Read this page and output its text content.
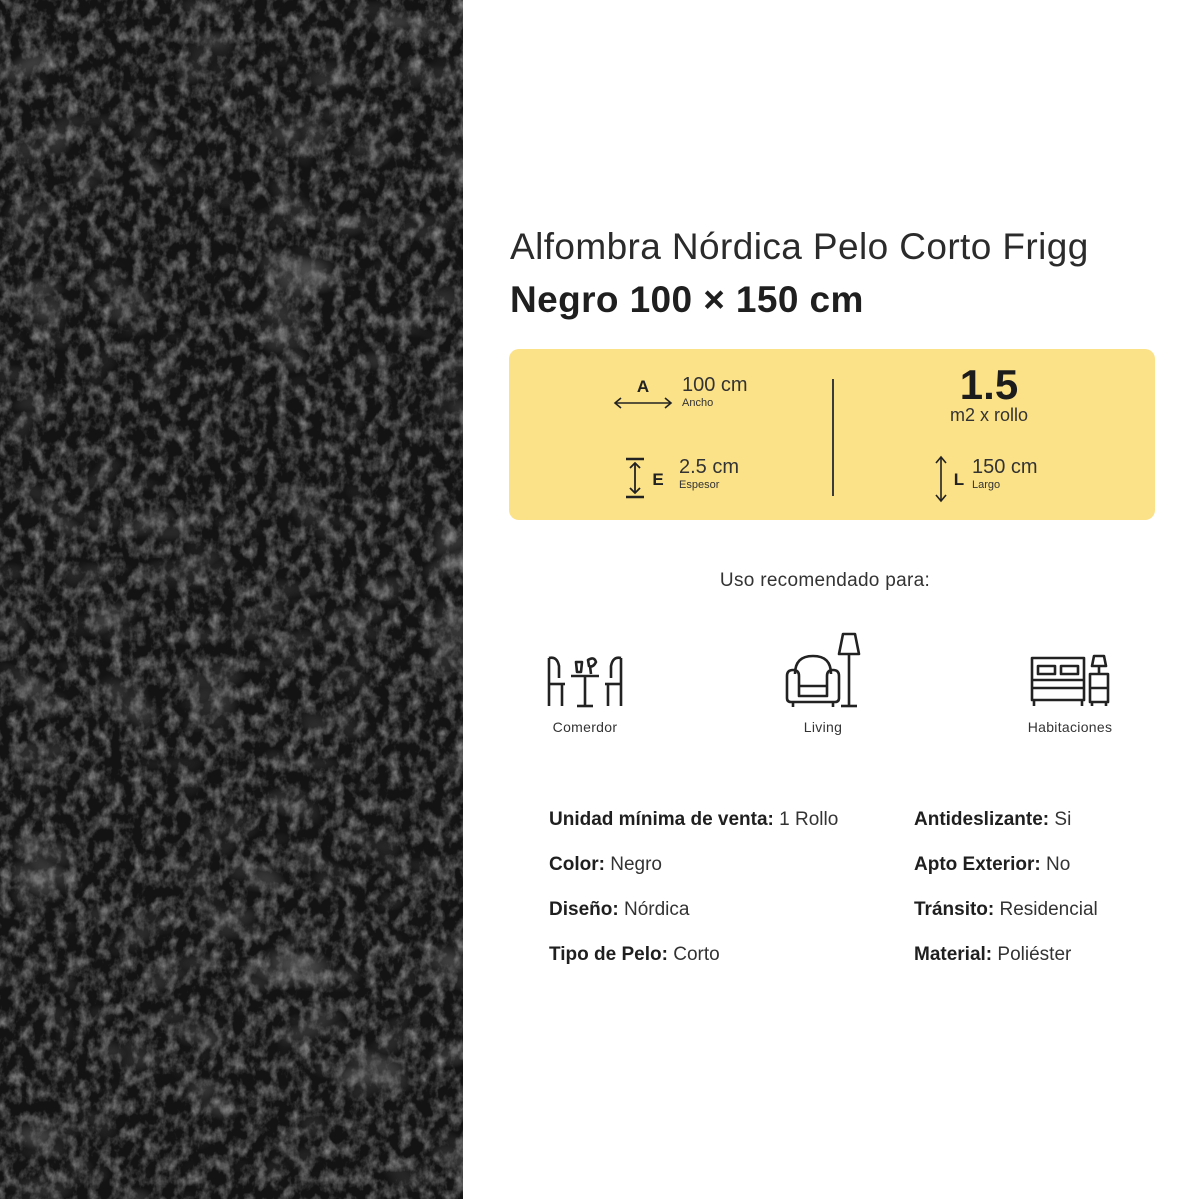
Alfombra Nórdica Pelo Corto Frigg
Negro 100 × 150 cm
A 100 cm
Ancho
E
2.5 cm
Espesor
1.5
m2 x rollo
L
150 cm
Largo
Uso recomendado para:
Comerdor	Living	Habitaciones
Unidad mínima de venta: 1 Rollo
Color: Negro
Diseño: Nórdica
Tipo de Pelo: Corto
Antideslizante: Si
Apto Exterior: No
Tránsito: Residencial
Material: Poliéster
